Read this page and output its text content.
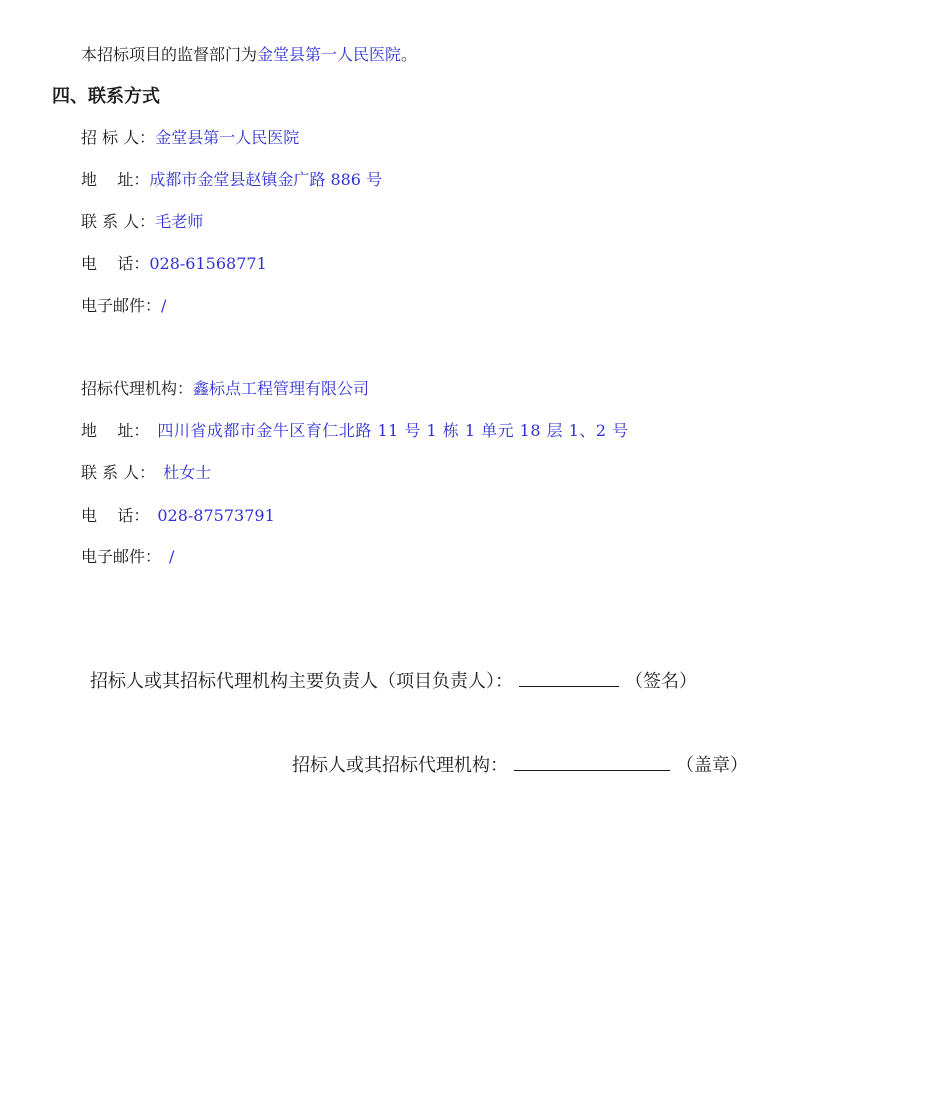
本招标项目的监督部门为金堂县第一人民医院。
四、联系方式
招 标 人：金堂县第一人民医院
地    址：成都市金堂县赵镇金广路 886 号
联 系 人：毛老师
电    话：028-61568771
电子邮件：/
招标代理机构：鑫标点工程管理有限公司
地    址： 四川省成都市金牛区育仁北路 11 号 1 栋 1 单元 18 层 1、2 号
联 系 人： 杜女士
电    话： 028-87573791
电子邮件： /
招标人或其招标代理机构主要负责人（项目负责人）：	（签名）
招标人或其招标代理机构：	（盖章）
